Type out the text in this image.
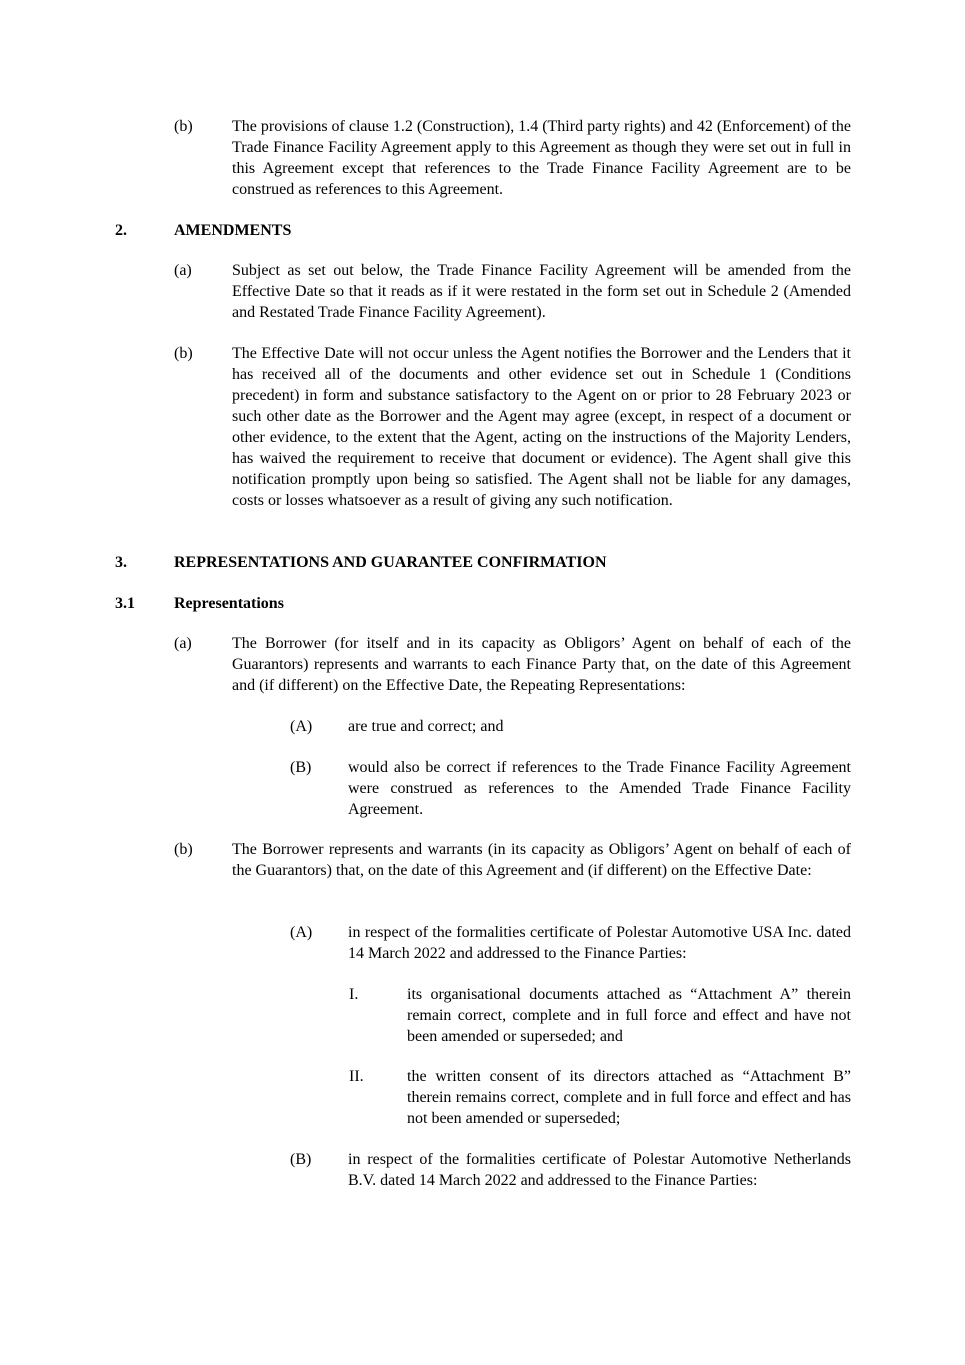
(b) The provisions of clause 1.2 (Construction), 1.4 (Third party rights) and 42 (Enforcement) of the Trade Finance Facility Agreement apply to this Agreement as though they were set out in full in this Agreement except that references to the Trade Finance Facility Agreement are to be construed as references to this Agreement.
2.	AMENDMENTS
(a)	Subject as set out below, the Trade Finance Facility Agreement will be amended from the Effective Date so that it reads as if it were restated in the form set out in Schedule 2 (Amended and Restated Trade Finance Facility Agreement).
(b) The Effective Date will not occur unless the Agent notifies the Borrower and the Lenders that it has received all of the documents and other evidence set out in Schedule 1 (Conditions precedent) in form and substance satisfactory to the Agent on or prior to 28 February 2023 or such other date as the Borrower and the Agent may agree (except, in respect of a document or other evidence, to the extent that the Agent, acting on the instructions of the Majority Lenders, has waived the requirement to receive that document or evidence). The Agent shall give this notification promptly upon being so satisfied. The Agent shall not be liable for any damages, costs or losses whatsoever as a result of giving any such notification.
3.	REPRESENTATIONS AND GUARANTEE CONFIRMATION
3.1 Representations
(a)	The Borrower (for itself and in its capacity as Obligors’ Agent on behalf of each of the Guarantors) represents and warrants to each Finance Party that, on the date of this Agreement and (if different) on the Effective Date, the Repeating Representations:
(A) are true and correct; and
(B) would also be correct if references to the Trade Finance Facility Agreement were construed as references to the Amended Trade Finance Facility Agreement.
(b) The Borrower represents and warrants (in its capacity as Obligors’ Agent on behalf of each of the Guarantors) that, on the date of this Agreement and (if different) on the Effective Date:
(A) in respect of the formalities certificate of Polestar Automotive USA Inc. dated 14 March 2022 and addressed to the Finance Parties:
I.	its organisational documents attached as “Attachment A” therein remain correct, complete and in full force and effect and have not been amended or superseded; and
II.	the written consent of its directors attached as “Attachment B” therein remains correct, complete and in full force and effect and has not been amended or superseded;
(B) in respect of the formalities certificate of Polestar Automotive Netherlands B.V. dated 14 March 2022 and addressed to the Finance Parties:
